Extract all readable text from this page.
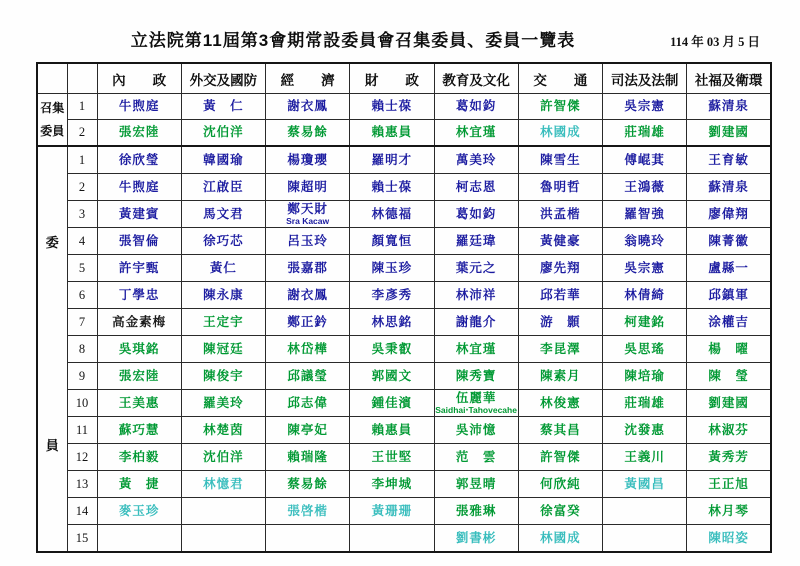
立法院第11屆第3會期常設委員會召集委員、委員一覽表	114 年 03 月 5 日
		內　　政	外交及國防	經　　濟	財　　政	教育及文化	交　　通	司法及法制	社福及衛環

召集
委員	1	牛煦庭	黃　仁	謝衣鳳	賴士葆	葛如鈞	許智傑	吳宗憲	蘇清泉

	2	張宏陸	沈伯洋	蔡易餘	賴惠員	林宜瑾	林國成	莊瑞雄	劉建國

委
員	1	徐欣瑩	韓國瑜	楊瓊瓔	羅明才	萬美玲	陳雪生	傅崐萁	王育敏

	2	牛煦庭	江啟臣	陳超明	賴士葆	柯志恩	魯明哲	王鴻薇	蘇清泉

	3	黃建賓	馬文君	鄭天財
Sra Kacaw	林德福	葛如鈞	洪孟楷	羅智強	廖偉翔

	4	張智倫	徐巧芯	呂玉玲	顏寬恒	羅廷瑋	黃健豪	翁曉玲	陳菁徽

	5	許宇甄	黃仁	張嘉郡	陳玉珍	葉元之	廖先翔	吳宗憲	盧縣一

	6	丁學忠	陳永康	謝衣鳳	李彥秀	林沛祥	邱若華	林倩綺	邱鎮軍

	7	高金素梅	王定宇	鄭正鈐	林思銘	謝龍介	游　顥	柯建銘	涂權吉

	8	吳琪銘	陳冠廷	林岱樺	吳秉叡	林宜瑾	李昆澤	吳思瑤	楊　曜

	9	張宏陸	陳俊宇	邱議瑩	郭國文	陳秀寶	陳素月	陳培瑜	陳　瑩

	10	王美惠	羅美玲	邱志偉	鍾佳濱	伍麗華
Saidhai‧Tahovecahe	林俊憲	莊瑞雄	劉建國

	11	蘇巧慧	林楚茵	陳亭妃	賴惠員	吳沛憶	蔡其昌	沈發惠	林淑芬

	12	李柏毅	沈伯洋	賴瑞隆	王世堅	范　雲	許智傑	王義川	黃秀芳

	13	黃　捷	林憶君	蔡易餘	李坤城	郭昱晴	何欣純	黃國昌	王正旭

	14	麥玉珍		張啓楷	黃珊珊	張雅琳	徐富癸		林月琴

	15					劉書彬	林國成		陳昭姿
